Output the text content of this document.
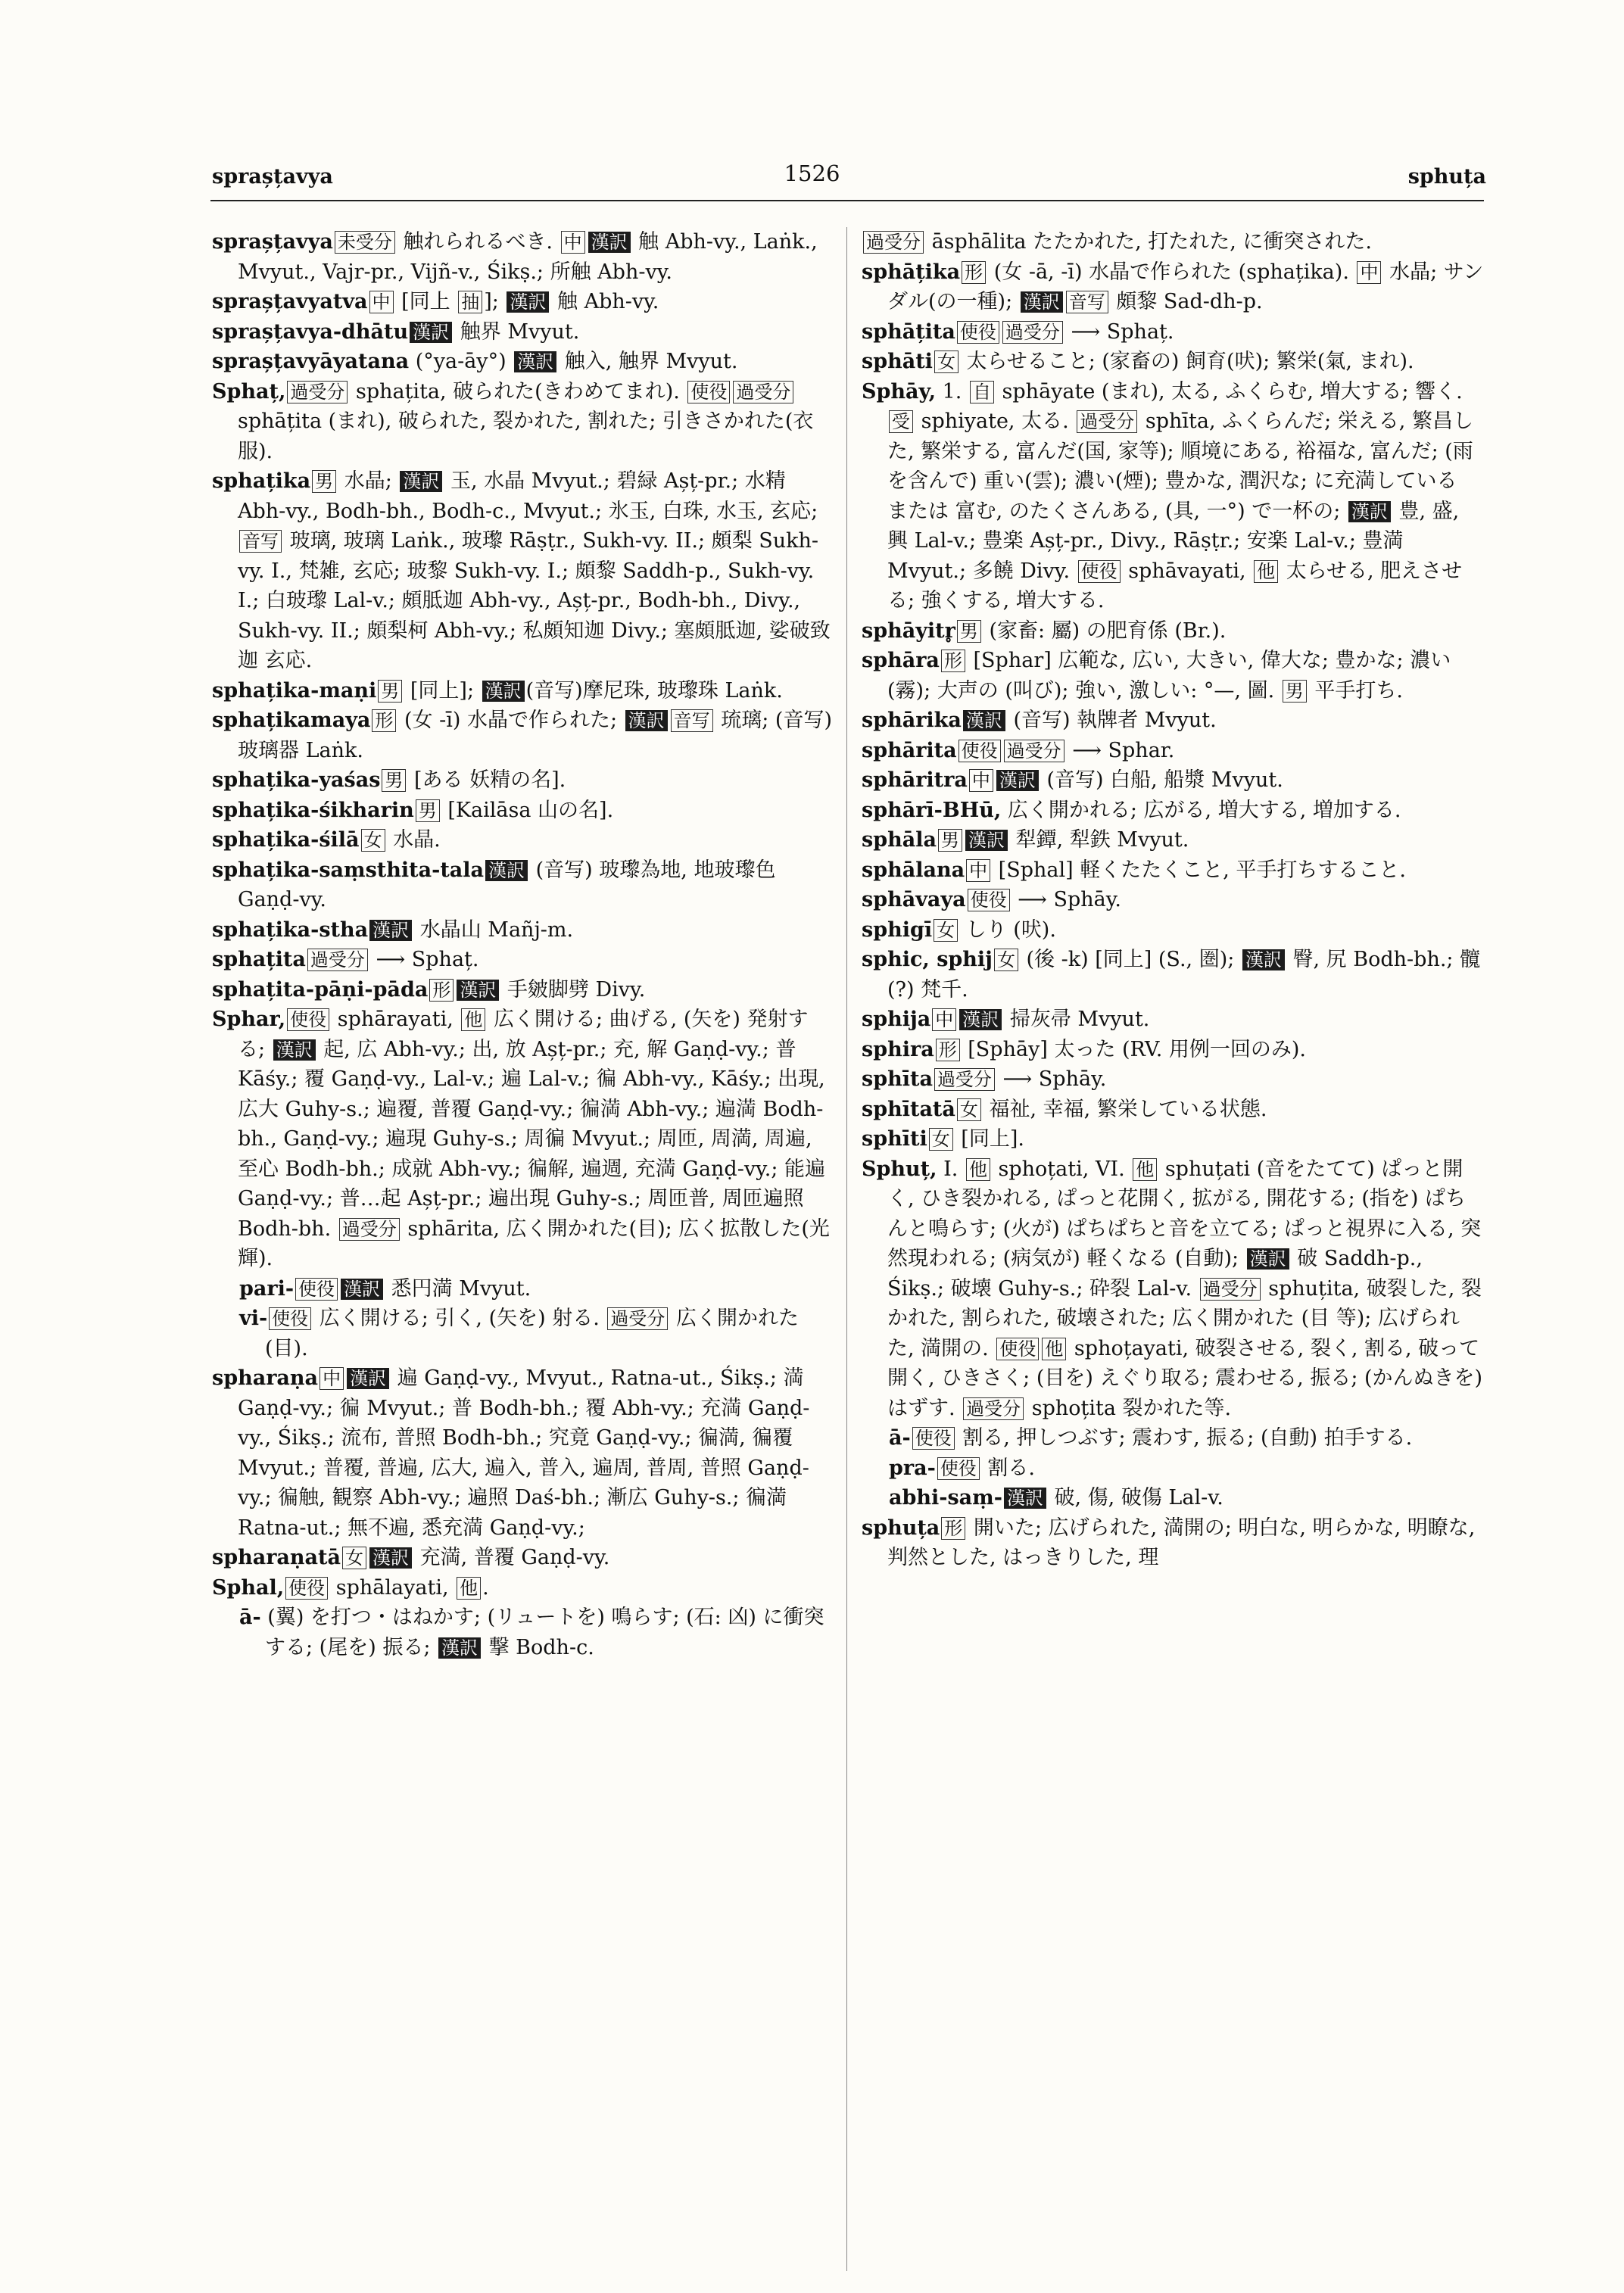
sprașțavya	1526	sphuța

sprașțavya 未受分 触れられるべき. 中 漢訳 触 Abh-vy., Laṅk., Mvyut., Vajr-pr., Vijñ-v., Śikṣ.; 所触 Abh-vy.

sprașțavyatva 中 [同上 抽 ]; 漢訳 触 Abh-vy.

sprașțavya-dhātu 漢訳 触界 Mvyut.

sprașțavyāyatana (°ya-āy°) 漢訳 触入, 触界 Mvyut.

Sphaț, 過受分 sphațita, 破られた(きわめてまれ). 使役 過受分 sphāțita (まれ), 破られた, 裂かれた, 割れた; 引きさかれた(衣服).

sphațika 男 水晶; 漢訳 玉, 水晶 Mvyut.; 碧緑 Așț-pr.; 水精 Abh-vy., Bodh-bh., Bodh-c., Mvyut.; 氷玉, 白珠, 水玉, 玄応; 音写 玻璃, 玻璃 Laṅk., 玻瓈 Rāṣṭr., Sukh-vy. II.; 頗梨 Sukh-vy. I., 梵雑, 玄応; 玻黎 Sukh-vy. I.; 頗黎 Saddh-p., Sukh-vy. I.; 白玻瓈 Lal-v.; 頗胝迦 Abh-vy., Așț-pr., Bodh-bh., Divy., Sukh-vy. II.; 頗梨柯 Abh-vy.; 私頗知迦 Divy.; 塞頗胝迦, 娑破致迦 玄応.

sphațika-maṇi 男 [同上]; 漢訳 (音写)摩尼珠, 玻瓈珠 Laṅk.

sphațikamaya 形 (女 -ī) 水晶で作られた; 漢訳 音写 琉璃; (音写) 玻璃器 Laṅk.

sphațika-yaśas 男 [ある 妖精の名].

sphațika-śikharin 男 [Kailāsa 山の名].

sphațika-śilā 女 水晶.

sphațika-saṃsthita-tala 漢訳 (音写) 玻瓈為地, 地玻瓈色 Gaṇḍ-vy.

sphațika-stha 漢訳 水晶山 Mañj-m.

sphațita 過受分 ⟶ Sphaț.

sphațita-pāṇi-pāda 形 漢訳 手皴脚劈 Divy.

Sphar, 使役 sphārayati, 他 広く開ける; 曲げる, (矢を) 発射する; 漢訳 起, 広 Abh-vy.; 出, 放 Așț-pr.; 充, 解 Gaṇḍ-vy.; 普 Kāśy.; 覆 Gaṇḍ-vy., Lal-v.; 遍 Lal-v.; 徧 Abh-vy., Kāśy.; 出現, 広大 Guhy-s.; 遍覆, 普覆 Gaṇḍ-vy.; 徧満 Abh-vy.; 遍満 Bodh-bh., Gaṇḍ-vy.; 遍現 Guhy-s.; 周徧 Mvyut.; 周匝, 周満, 周遍, 至心 Bodh-bh.; 成就 Abh-vy.; 徧解, 遍週, 充満 Gaṇḍ-vy.; 能遍 Gaṇḍ-vy.; 普…起 Așț-pr.; 遍出現 Guhy-s.; 周匝普, 周匝遍照 Bodh-bh. 過受分 sphārita, 広く開かれた(目); 広く拡散した(光輝).

pari- 使役 漢訳 悉円満 Mvyut.

vi- 使役 広く開ける; 引く, (矢を) 射る. 過受分 広く開かれた(目).

spharaṇa 中 漢訳 遍 Gaṇḍ-vy., Mvyut., Ratna-ut., Śikṣ.; 満 Gaṇḍ-vy.; 徧 Mvyut.; 普 Bodh-bh.; 覆 Abh-vy.; 充満 Gaṇḍ-vy., Śikṣ.; 流布, 普照 Bodh-bh.; 究竟 Gaṇḍ-vy.; 徧満, 徧覆 Mvyut.; 普覆, 普遍, 広大, 遍入, 普入, 遍周, 普周, 普照 Gaṇḍ-vy.; 徧触, 観察 Abh-vy.; 遍照 Daś-bh.; 漸広 Guhy-s.; 徧満 Ratna-ut.; 無不遍, 悉充満 Gaṇḍ-vy.;

spharaṇatā 女 漢訳 充満, 普覆 Gaṇḍ-vy.

Sphal, 使役 sphālayati, 他 .

ā- (翼) を打つ・はねかす; (リュートを) 鳴らす; (石: 凶) に衝突する; (尾を) 振る; 漢訳 撃 Bodh-c.

過受分 āsphālita たたかれた, 打たれた, に衝突された.

sphāțika 形 (女 -ā, -ī) 水晶で作られた (sphațika). 中 水晶; サンダル(の一種); 漢訳 音写 頗黎 Sad-dh-p.

sphāțita 使役 過受分 ⟶ Sphaț.

sphāti 女 太らせること; (家畜の) 飼育(吠); 繁栄(氣, まれ).

Sphāy, 1. 自 sphāyate (まれ), 太る, ふくらむ, 増大する; 響く. 受 sphiyate, 太る. 過受分 sphīta, ふくらんだ; 栄える, 繁昌した, 繁栄する, 富んだ(国, 家等); 順境にある, 裕福な, 富んだ; (雨を含んで) 重い(雲); 濃い(煙); 豊かな, 潤沢な; に充満している または 富む, のたくさんある, (具, 一°) で一杯の; 漢訳 豊, 盛, 興 Lal-v.; 豊楽 Așț-pr., Divy., Rāṣṭr.; 安楽 Lal-v.; 豊満 Mvyut.; 多饒 Divy. 使役 sphāvayati, 他 太らせる, 肥えさせる; 強くする, 増大する.

sphāyitr̥ 男 (家畜: 屬) の肥育係 (Br.).

sphāra 形 [Sphar] 広範な, 広い, 大きい, 偉大な; 豊かな; 濃い(霧); 大声の (叫び); 強い, 激しい: °—, 圖. 男 平手打ち.

sphārika 漢訳 (音写) 執牌者 Mvyut.

sphārita 使役 過受分 ⟶ Sphar.

sphāritra 中 漢訳 (音写) 白船, 船漿 Mvyut.

sphārī-BHū, 広く開かれる; 広がる, 増大する, 増加する.

sphāla 男 漢訳 犁鐔, 犁鉄 Mvyut.

sphālana 中 [Sphal] 軽くたたくこと, 平手打ちすること.

sphāvaya 使役 ⟶ Sphāy.

sphigī 女 しり (吠).

sphic, sphij 女 (後 -k) [同上] (S., 圏); 漢訳 臀, 尻 Bodh-bh.; 髖(?) 梵千.

sphija 中 漢訳 掃灰帚 Mvyut.

sphira 形 [Sphāy] 太った (RV. 用例一回のみ).

sphīta 過受分 ⟶ Sphāy.

sphītatā 女 福祉, 幸福, 繁栄している状態.

sphīti 女 [同上].

Sphuț, I. 他 sphoțati, VI. 他 sphuțati (音をたてて) ぱっと開く, ひき裂かれる, ぱっと花開く, 拡がる, 開花する; (指を) ぱちんと鳴らす; (火が) ぱちぱちと音を立てる; ぱっと視界に入る, 突然現われる; (病気が) 軽くなる (自動); 漢訳 破 Saddh-p., Śikṣ.; 破壊 Guhy-s.; 砕裂 Lal-v. 過受分 sphuțita, 破裂した, 裂かれた, 割られた, 破壊された; 広く開かれた (目 等); 広げられた, 満開の. 使役 他 sphoțayati, 破裂させる, 裂く, 割る, 破って開く, ひきさく; (目を) えぐり取る; 震わせる, 振る; (かんぬきを) はずす. 過受分 sphoțita 裂かれた等.

ā- 使役 割る, 押しつぶす; 震わす, 振る; (自動) 拍手する.

pra- 使役 割る.

abhi-saṃ- 漢訳 破, 傷, 破傷 Lal-v.

sphuța 形 開いた; 広げられた, 満開の; 明白な, 明らかな, 明瞭な, 判然とした, はっきりした, 理
